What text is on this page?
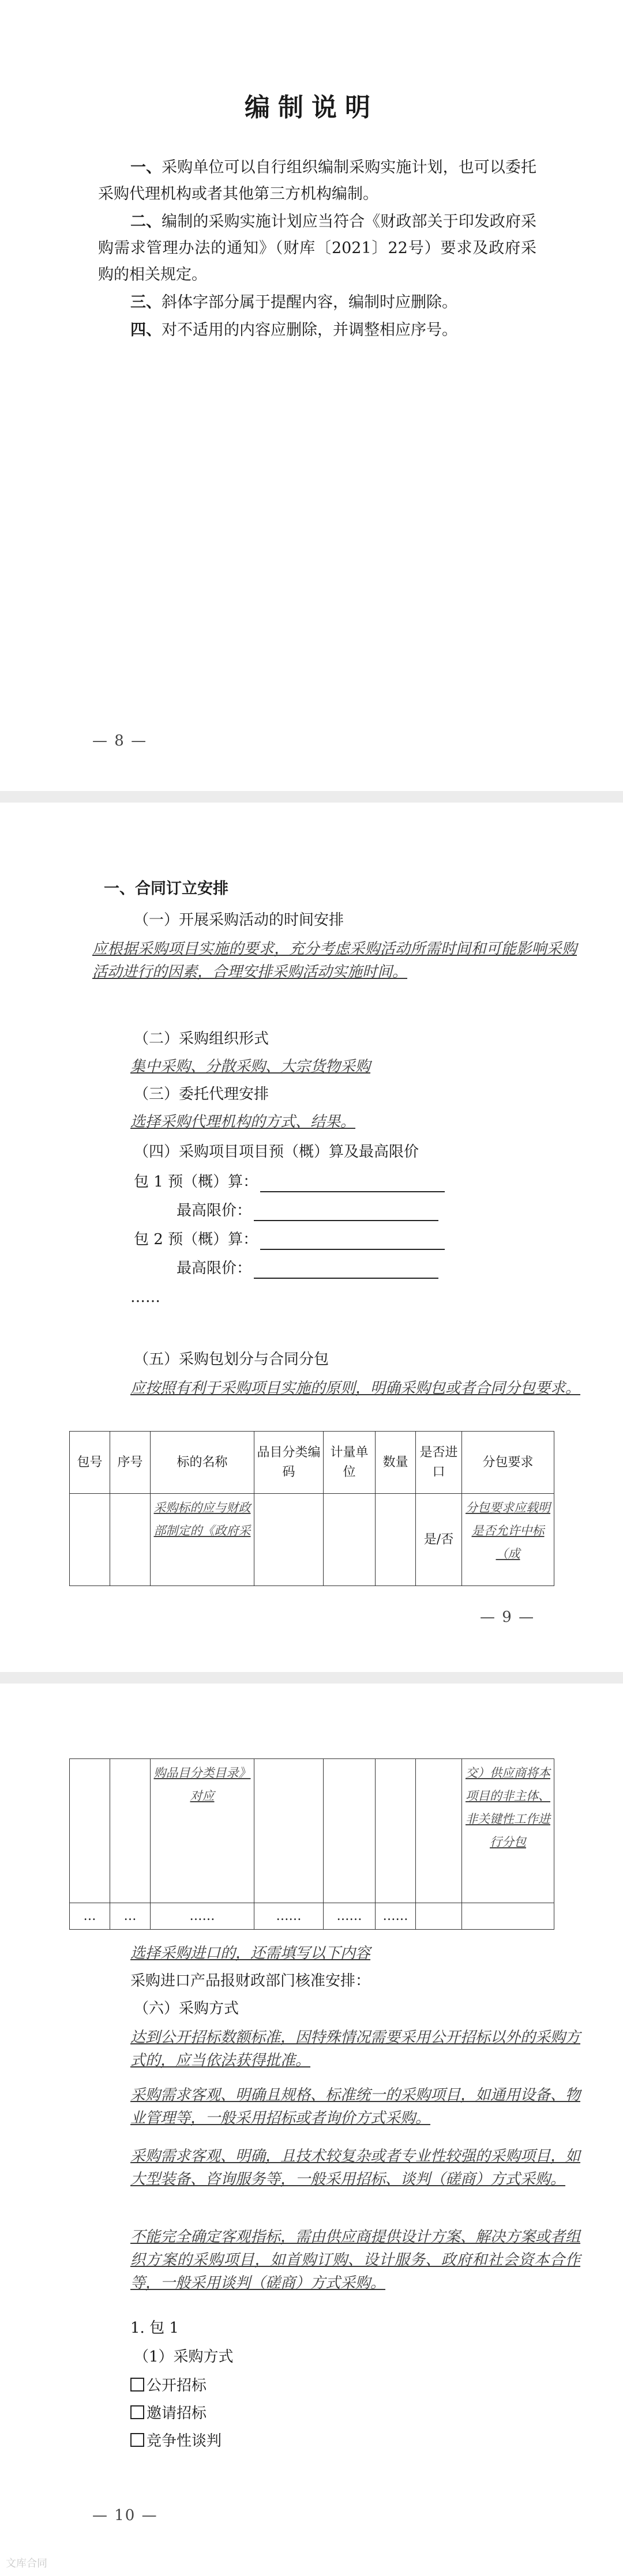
编制说明

一、采购单位可以自行组织编制采购实施计划，也可以委托采购代理机构或者其他第三方机构编制。

二、编制的采购实施计划应当符合《财政部关于印发政府采购需求管理办法的通知》（财库〔2021〕22号）要求及政府采购的相关规定。

三、斜体字部分属于提醒内容，编制时应删除。

四、对不适用的内容应删除，并调整相应序号。

— 8 —
一、合同订立安排
（一）开展采购活动的时间安排
应根据采购项目实施的要求，充分考虑采购活动所需时间和可能影响采购活动进行的因素，合理安排采购活动实施时间。
（二）采购组织形式
集中采购、分散采购、大宗货物采购
（三）委托代理安排
选择采购代理机构的方式、结果。
（四）采购项目项目预（概）算及最高限价
包 1 预（概）算：
最高限价：
包 2 预（概）算：
最高限价：
……
（五）采购包划分与合同分包
应按照有利于采购项目实施的原则，明确采购包或者合同分包要求。
包号	序号	标的名称	品目分类编码	计量单位	数量	是否进口	分包要求
		采购标的应与财政部制定的《政府采				是/否	分包要求应载明是否允许中标（成
— 9 —
		购品目分类目录》对应					交）供应商将本项目的非主体、非关键性工作进行分包
…	…	……	……	……	……		
选择采购进口的，还需填写以下内容
采购进口产品报财政部门核准安排：
（六）采购方式
达到公开招标数额标准，因特殊情况需要采用公开招标以外的采购方式的，应当依法获得批准。
采购需求客观、明确且规格、标准统一的采购项目，如通用设备、物业管理等，一般采用招标或者询价方式采购。
采购需求客观、明确，且技术较复杂或者专业性较强的采购项目，如大型装备、咨询服务等，一般采用招标、谈判（磋商）方式采购。
不能完全确定客观指标，需由供应商提供设计方案、解决方案或者组织方案的采购项目，如首购订购、设计服务、政府和社会资本合作等，一般采用谈判（磋商）方式采购。
1. 包 1
（1）采购方式
公开招标
邀请招标
竞争性谈判
— 10 —
文库合同
